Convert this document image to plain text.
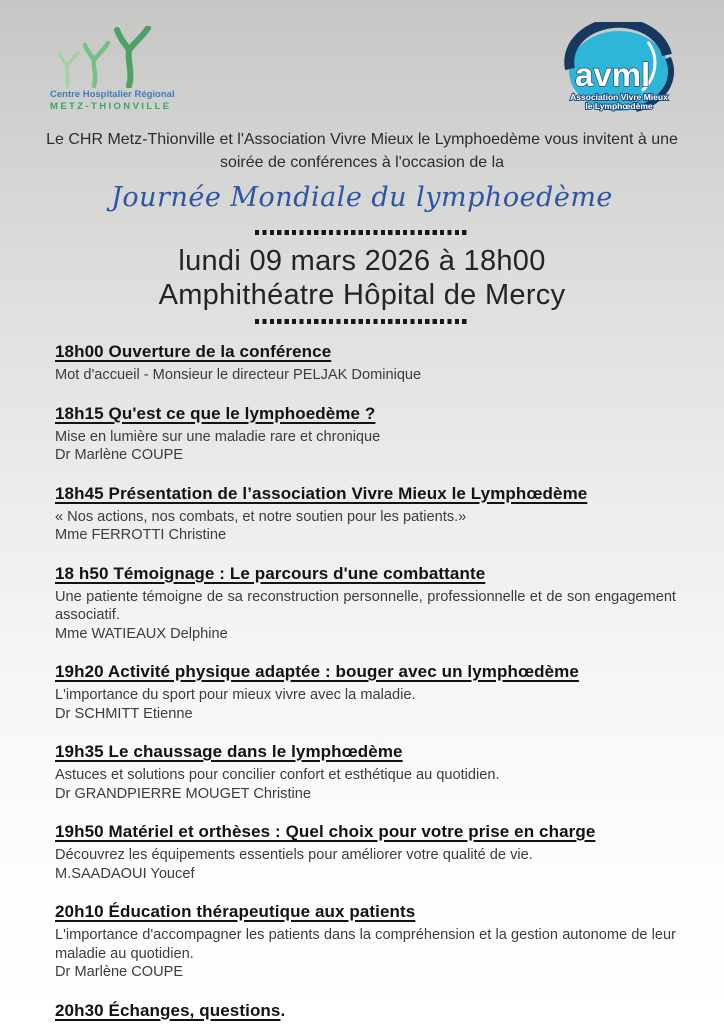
Centre Hospitalier Régional
METZ-THIONVILLE
avml
Association Vivre Mieux
le Lymphœdème
Le CHR Metz-Thionville et l'Association Vivre Mieux le Lymphoedème vous invitent à une soirée de conférences à l'occasion de la
Journée Mondiale du lymphoedème
lundi 09 mars 2026 à 18h00
Amphithéatre Hôpital de Mercy
18h00 Ouverture de la conférence
Mot d'accueil - Monsieur le directeur PELJAK Dominique
18h15 Qu'est ce que le lymphoedème ?
Mise en lumière sur une maladie rare et chronique
Dr Marlène COUPE
18h45 Présentation de l’association Vivre Mieux le Lymphœdème
« Nos actions, nos combats, et notre soutien pour les patients.»
Mme FERROTTI Christine
18 h50 Témoignage : Le parcours d'une combattante
Une patiente témoigne de sa reconstruction personnelle, professionnelle et de son engagement associatif.
Mme WATIEAUX Delphine
19h20 Activité physique adaptée : bouger avec un lymphœdème
L'importance du sport pour mieux vivre avec la maladie.
Dr SCHMITT Etienne
19h35 Le chaussage dans le lymphœdème
Astuces et solutions pour concilier confort et esthétique au quotidien.
Dr GRANDPIERRE MOUGET Christine
19h50 Matériel et orthèses : Quel choix pour votre prise en charge
Découvrez les équipements essentiels pour améliorer votre qualité de vie.
M.SAADAOUI Youcef
20h10 Éducation thérapeutique aux patients
L'importance d'accompagner les patients dans la compréhension et la gestion autonome de leur maladie au quotidien.
Dr Marlène COUPE
20h30 Échanges, questions.
